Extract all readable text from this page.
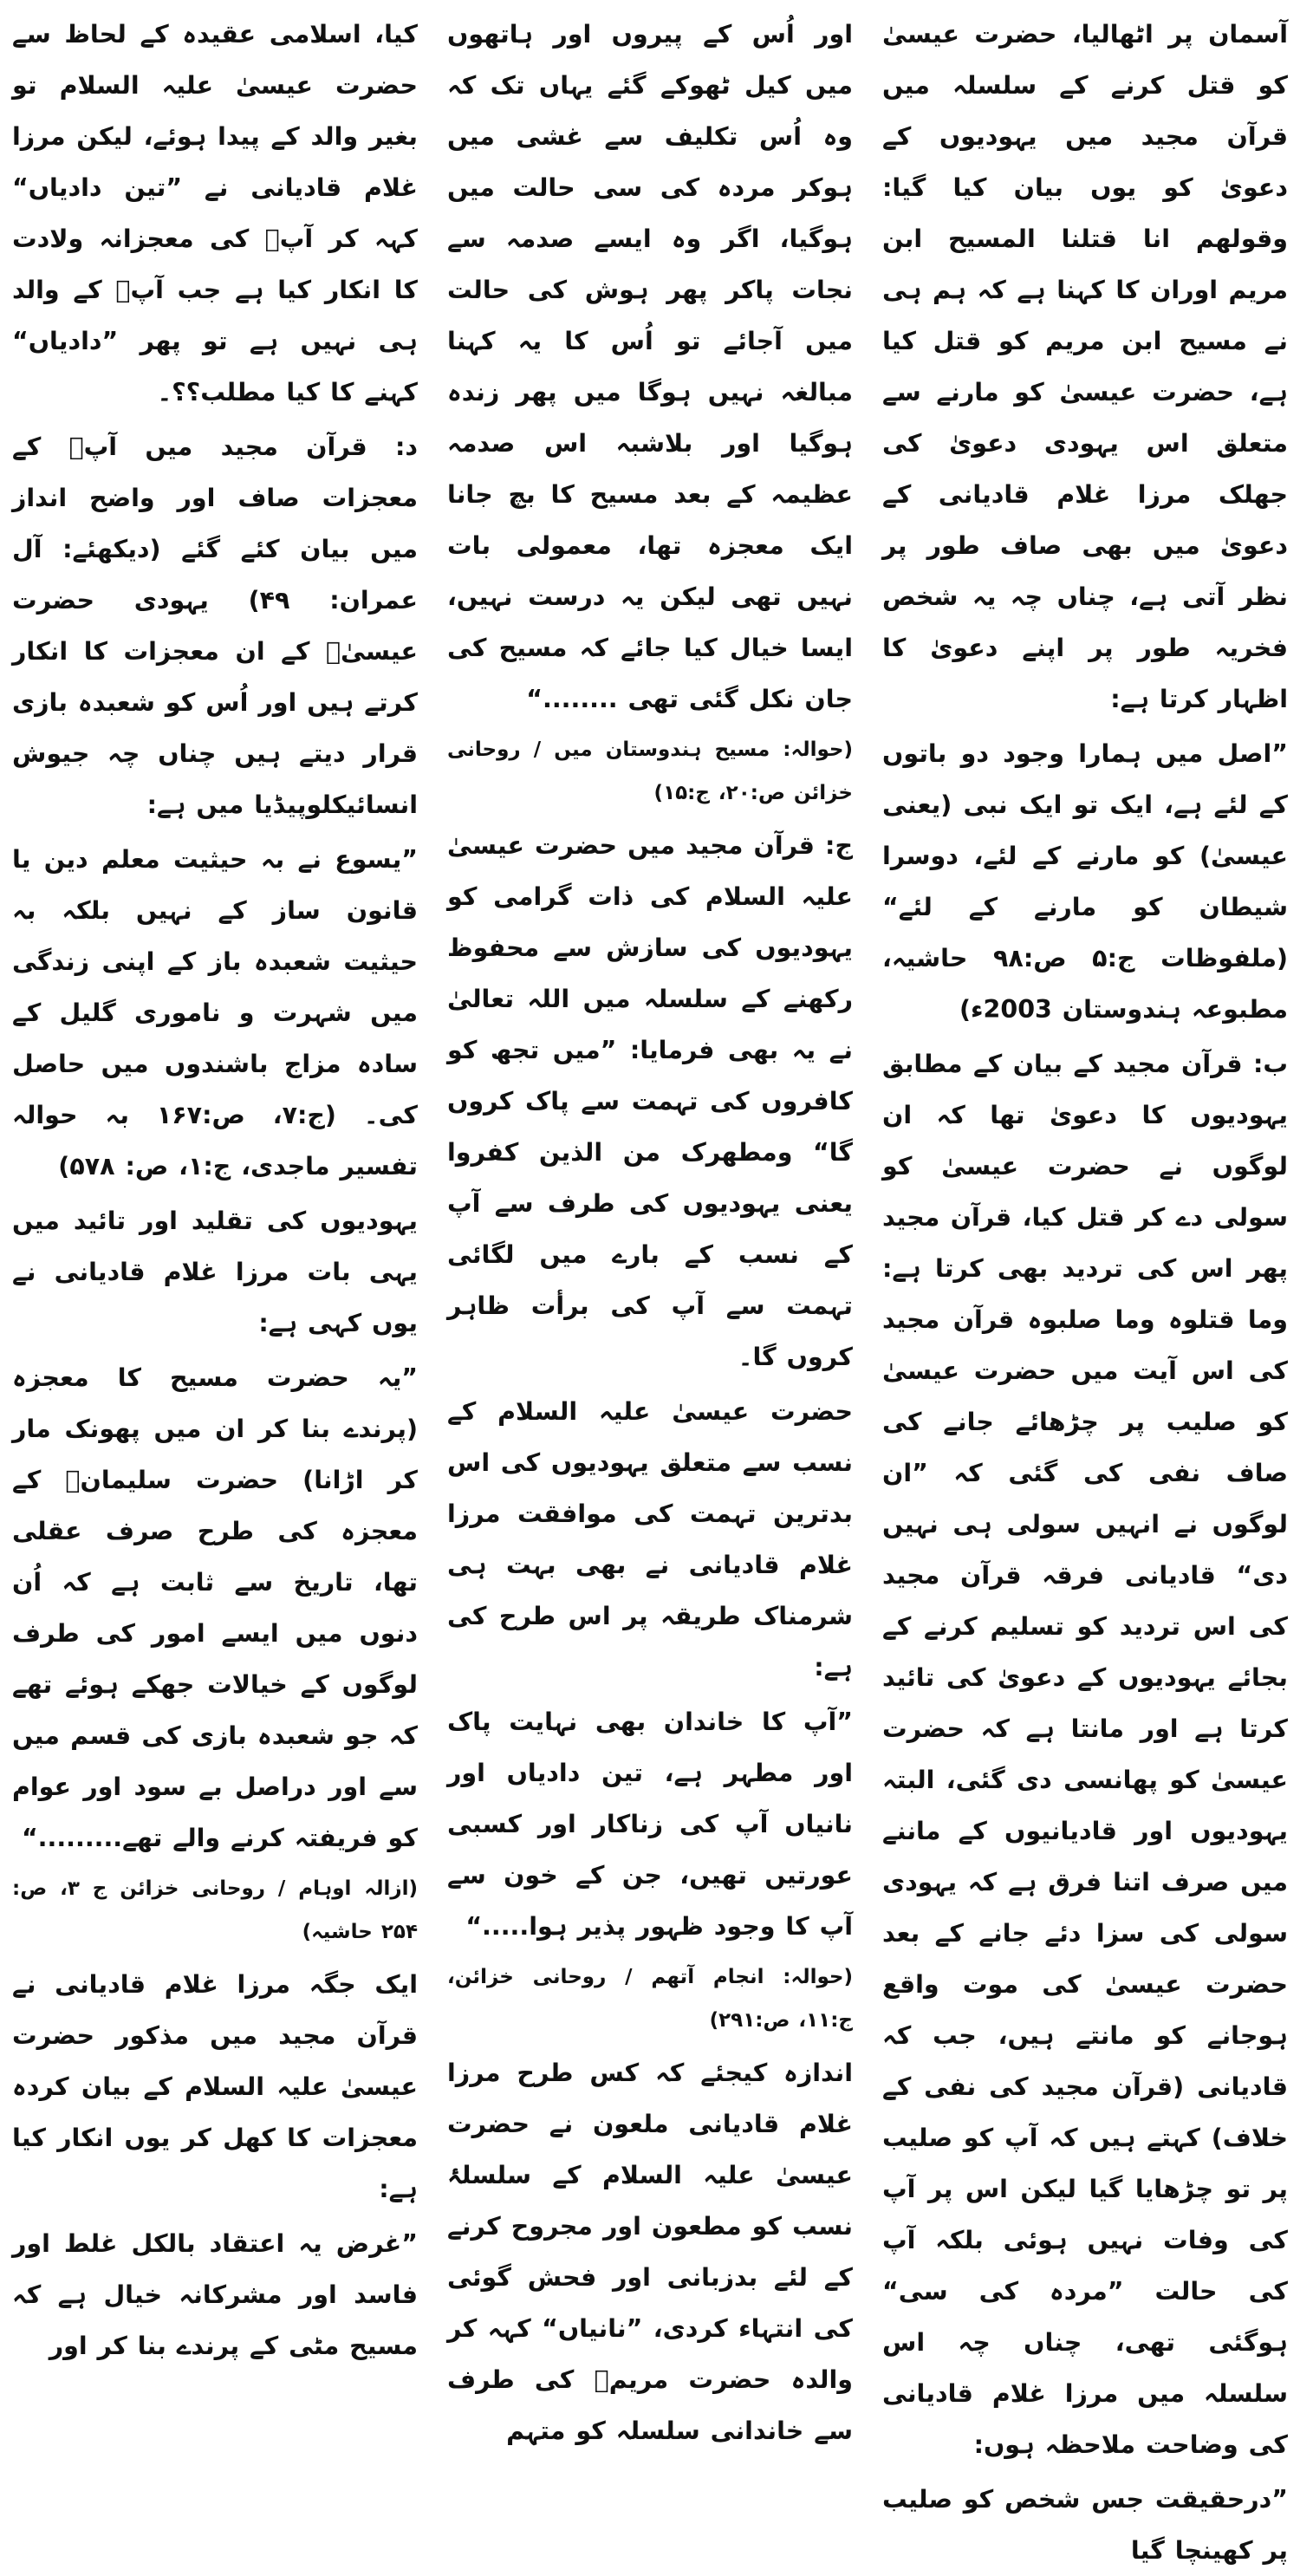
آسمان پر اٹھالیا، حضرت عیسیٰ کو قتل کرنے کے سلسلہ میں قرآن مجید میں یہودیوں کے دعویٰ کو یوں بیان کیا گیا: وقولھم انا قتلنا المسیح ابن مریم اوران کا کہنا ہے کہ ہم ہی نے مسیح ابن مریم کو قتل کیا ہے، حضرت عیسیٰ کو مارنے سے متعلق اس یہودی دعویٰ کی جھلک مرزا غلام قادیانی کے دعویٰ میں بھی صاف طور پر نظر آتی ہے، چناں چہ یہ شخص فخریہ طور پر اپنے دعویٰ کا اظہار کرتا ہے:

”اصل میں ہمارا وجود دو باتوں کے لئے ہے، ایک تو ایک نبی (یعنی عیسیٰ) کو مارنے کے لئے، دوسرا شیطان کو مارنے کے لئے“ (ملفوظات ج:۵ ص:۹۸ حاشیہ، مطبوعہ ہندوستان 2003ء)

ب: قرآن مجید کے بیان کے مطابق یہودیوں کا دعویٰ تھا کہ ان لوگوں نے حضرت عیسیٰ کو سولی دے کر قتل کیا، قرآن مجید پھر اس کی تردید بھی کرتا ہے: وما قتلوہ وما صلبوہ قرآن مجید کی اس آیت میں حضرت عیسیٰ کو صلیب پر چڑھائے جانے کی صاف نفی کی گئی کہ ”ان لوگوں نے انہیں سولی ہی نہیں دی“ قادیانی فرقہ قرآن مجید کی اس تردید کو تسلیم کرنے کے بجائے یہودیوں کے دعویٰ کی تائید کرتا ہے اور مانتا ہے کہ حضرت عیسیٰ کو پھانسی دی گئی، البتہ یہودیوں اور قادیانیوں کے ماننے میں صرف اتنا فرق ہے کہ یہودی سولی کی سزا دئے جانے کے بعد حضرت عیسیٰ کی موت واقع ہوجانے کو مانتے ہیں، جب کہ قادیانی (قرآن مجید کی نفی کے خلاف) کہتے ہیں کہ آپ کو صلیب پر تو چڑھایا گیا لیکن اس پر آپ کی وفات نہیں ہوئی بلکہ آپ کی حالت ”مردہ کی سی“ ہوگئی تھی، چناں چہ اس سلسلہ میں مرزا غلام قادیانی کی وضاحت ملاحظہ ہوں:

”درحقیقت جس شخص کو صلیب پر کھینچا گیا

اور اُس کے پیروں اور ہاتھوں میں کیل ٹھوکے گئے یہاں تک کہ وہ اُس تکلیف سے غشی میں ہوکر مردہ کی سی حالت میں ہوگیا، اگر وہ ایسے صدمہ سے نجات پاکر پھر ہوش کی حالت میں آجائے تو اُس کا یہ کہنا مبالغہ نہیں ہوگا میں پھر زندہ ہوگیا اور بلاشبہ اس صدمہ عظیمہ کے بعد مسیح کا بچ جانا ایک معجزہ تھا، معمولی بات نہیں تھی لیکن یہ درست نہیں، ایسا خیال کیا جائے کہ مسیح کی جان نکل گئی تھی ........“

(حوالہ: مسیح ہندوستان میں / روحانی خزائن ص:۲۰، ج:۱۵)

ج: قرآن مجید میں حضرت عیسیٰ علیہ السلام کی ذات گرامی کو یہودیوں کی سازش سے محفوظ رکھنے کے سلسلہ میں اللہ تعالیٰ نے یہ بھی فرمایا: ”میں تجھ کو کافروں کی تہمت سے پاک کروں گا“ ومطھرک من الذین کفروا یعنی یہودیوں کی طرف سے آپ کے نسب کے بارے میں لگائی تہمت سے آپ کی برأت ظاہر کروں گا۔

حضرت عیسیٰ علیہ السلام کے نسب سے متعلق یہودیوں کی اس بدترین تہمت کی موافقت مرزا غلام قادیانی نے بھی بہت ہی شرمناک طریقہ پر اس طرح کی ہے:

”آپ کا خاندان بھی نہایت پاک اور مطہر ہے، تین دادیاں اور نانیاں آپ کی زناکار اور کسبی عورتیں تھیں، جن کے خون سے آپ کا وجود ظہور پذیر ہوا.....“

(حوالہ: انجام آتھم / روحانی خزائن، ج:۱۱، ص:۲۹۱)

اندازہ کیجئے کہ کس طرح مرزا غلام قادیانی ملعون نے حضرت عیسیٰ علیہ السلام کے سلسلۂ نسب کو مطعون اور مجروح کرنے کے لئے بدزبانی اور فحش گوئی کی انتہاء کردی، ”نانیاں“ کہہ کر والدہ حضرت مریمؑ کی طرف سے خاندانی سلسلہ کو متہم

کیا، اسلامی عقیدہ کے لحاظ سے حضرت عیسیٰ علیہ السلام تو بغیر والد کے پیدا ہوئے، لیکن مرزا غلام قادیانی نے ”تین دادیاں“ کہہ کر آپؑ کی معجزانہ ولادت کا انکار کیا ہے جب آپؑ کے والد ہی نہیں ہے تو پھر ”دادیاں“ کہنے کا کیا مطلب؟؟۔

د: قرآن مجید میں آپؑ کے معجزات صاف اور واضح انداز میں بیان کئے گئے (دیکھئے: آل عمران: ۴۹) یہودی حضرت عیسیٰؑ کے ان معجزات کا انکار کرتے ہیں اور اُس کو شعبدہ بازی قرار دیتے ہیں چناں چہ جیوش انسائیکلوپیڈیا میں ہے:

”یسوع نے بہ حیثیت معلم دین یا قانون ساز کے نہیں بلکہ بہ حیثیت شعبدہ باز کے اپنی زندگی میں شہرت و ناموری گلیل کے سادہ مزاج باشندوں میں حاصل کی۔ (ج:۷، ص:۱۶۷ بہ حوالہ تفسیر ماجدی، ج:۱، ص: ۵۷۸)

یہودیوں کی تقلید اور تائید میں یہی بات مرزا غلام قادیانی نے یوں کہی ہے:

”یہ حضرت مسیح کا معجزہ (پرندے بنا کر ان میں پھونک مار کر اڑانا) حضرت سلیمانؑ کے معجزہ کی طرح صرف عقلی تھا، تاریخ سے ثابت ہے کہ اُن دنوں میں ایسے امور کی طرف لوگوں کے خیالات جھکے ہوئے تھے کہ جو شعبدہ بازی کی قسم میں سے اور دراصل بے سود اور عوام کو فریفتہ کرنے والے تھے.........“

(ازالہ اوہام / روحانی خزائن ج ۳، ص: ۲۵۴ حاشیہ)

ایک جگہ مرزا غلام قادیانی نے قرآن مجید میں مذکور حضرت عیسیٰ علیہ السلام کے بیان کردہ معجزات کا کھل کر یوں انکار کیا ہے:

”غرض یہ اعتقاد بالکل غلط اور فاسد اور مشرکانہ خیال ہے کہ مسیح مٹی کے پرندے بنا کر اور
